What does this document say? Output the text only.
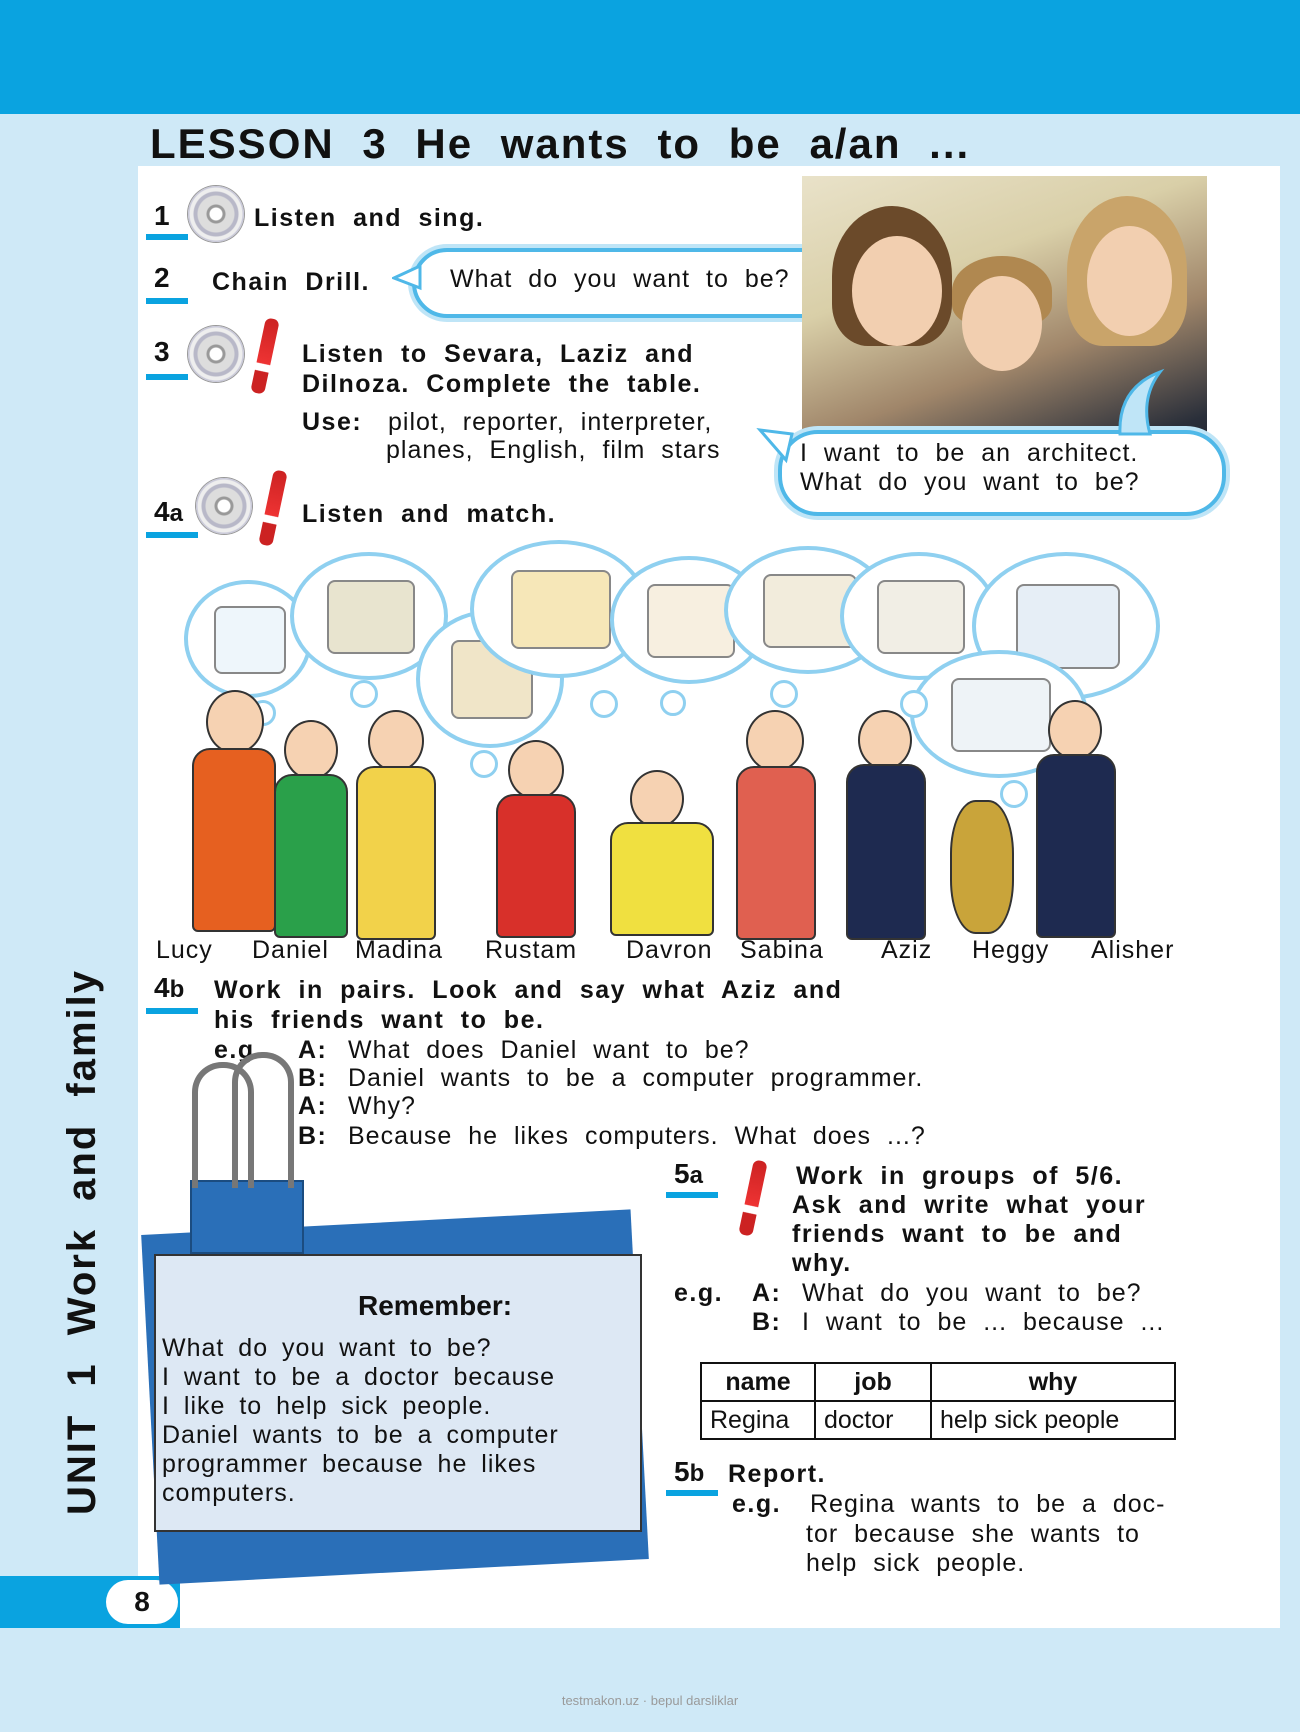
LESSON 3 He wants to be a/an ...
UNIT 1 Work and family
8
1	Listen and sing.
2 Chain Drill.	What do you want to be?
3	Listen to Sevara, Laziz and
Dilnoza. Complete the table.
Use: pilot, reporter, interpreter,
planes, English, film stars	I want to be an architect.
What do you want to be?
4a	Listen and match.
Lucy Daniel Madina Rustam Davron Sabina Aziz Heggy Alisher
4b Work in pairs. Look and say what Aziz and
his friends want to be.
e.g. A: What does Daniel want to be?
B: Daniel wants to be a computer programmer.
A: Why?
B: Because he likes computers. What does ...?
Remember:
What do you want to be?
I want to be a doctor because
I like to help sick people.
Daniel wants to be a computer
programmer because he likes
computers.
5a	Work in groups of 5/6.
Ask and write what your
friends want to be and
why.
e.g. A: What do you want to be?
B: I want to be ... because ...
name	job	why
Regina	doctor	help sick people
5b Report.
e.g. Regina wants to be a doc-
tor because she wants to
help sick people.
testmakon.uz · bepul darsliklar
